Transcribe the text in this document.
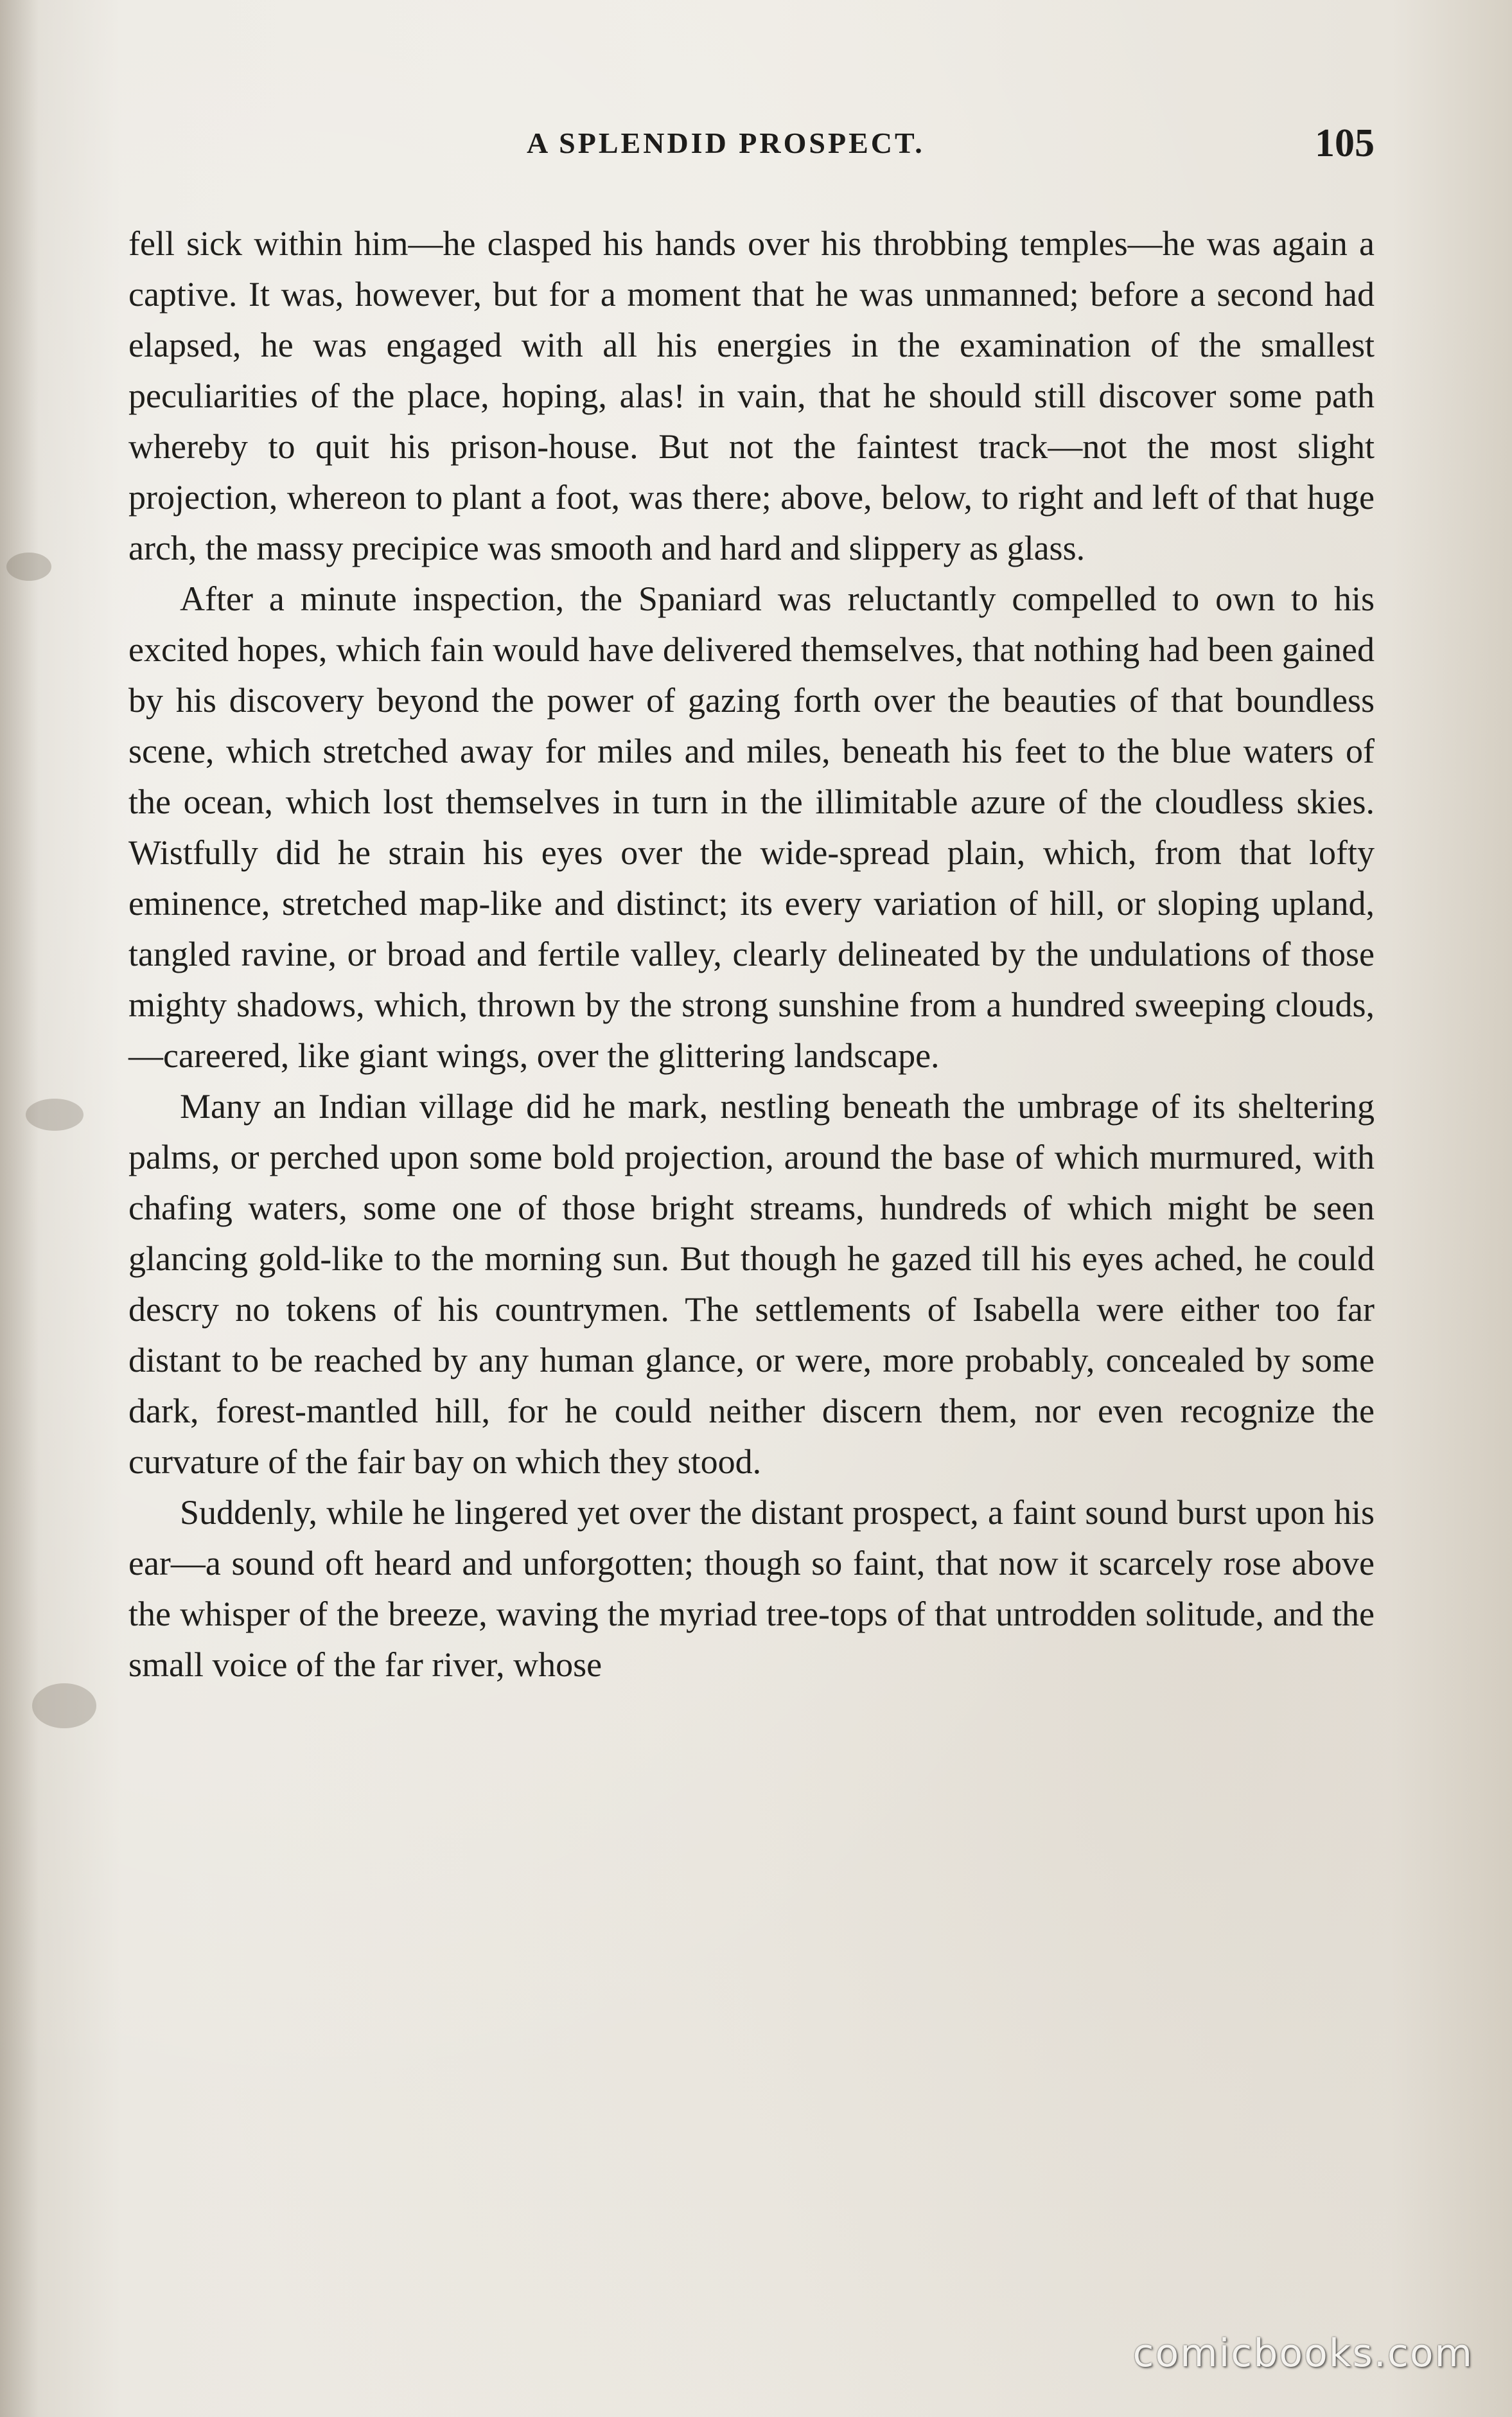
A SPLENDID PROSPECT.	105

fell sick within him—he clasped his hands over his throbbing temples—he was again a captive. It was, however, but for a moment that he was unmanned; before a second had elapsed, he was engaged with all his energies in the examination of the smallest peculiarities of the place, hoping, alas! in vain, that he should still discover some path whereby to quit his prison-house. But not the faintest track—not the most slight projection, whereon to plant a foot, was there; above, below, to right and left of that huge arch, the massy precipice was smooth and hard and slippery as glass.

After a minute inspection, the Spaniard was reluctantly compelled to own to his excited hopes, which fain would have delivered themselves, that nothing had been gained by his discovery beyond the power of gazing forth over the beauties of that boundless scene, which stretched away for miles and miles, beneath his feet to the blue waters of the ocean, which lost themselves in turn in the illimitable azure of the cloudless skies. Wistfully did he strain his eyes over the wide-spread plain, which, from that lofty eminence, stretched map-like and distinct; its every variation of hill, or sloping upland, tangled ravine, or broad and fertile valley, clearly delineated by the undulations of those mighty shadows, which, thrown by the strong sunshine from a hundred sweeping clouds,—careered, like giant wings, over the glittering landscape.

Many an Indian village did he mark, nestling beneath the umbrage of its sheltering palms, or perched upon some bold projection, around the base of which murmured, with chafing waters, some one of those bright streams, hundreds of which might be seen glancing gold-like to the morning sun. But though he gazed till his eyes ached, he could descry no tokens of his countrymen. The settlements of Isabella were either too far distant to be reached by any human glance, or were, more probably, concealed by some dark, forest-mantled hill, for he could neither discern them, nor even recognize the curvature of the fair bay on which they stood.

Suddenly, while he lingered yet over the distant prospect, a faint sound burst upon his ear—a sound oft heard and unforgotten; though so faint, that now it scarcely rose above the whisper of the breeze, waving the myriad tree-tops of that untrodden solitude, and the small voice of the far river, whose

comicbooks.com
